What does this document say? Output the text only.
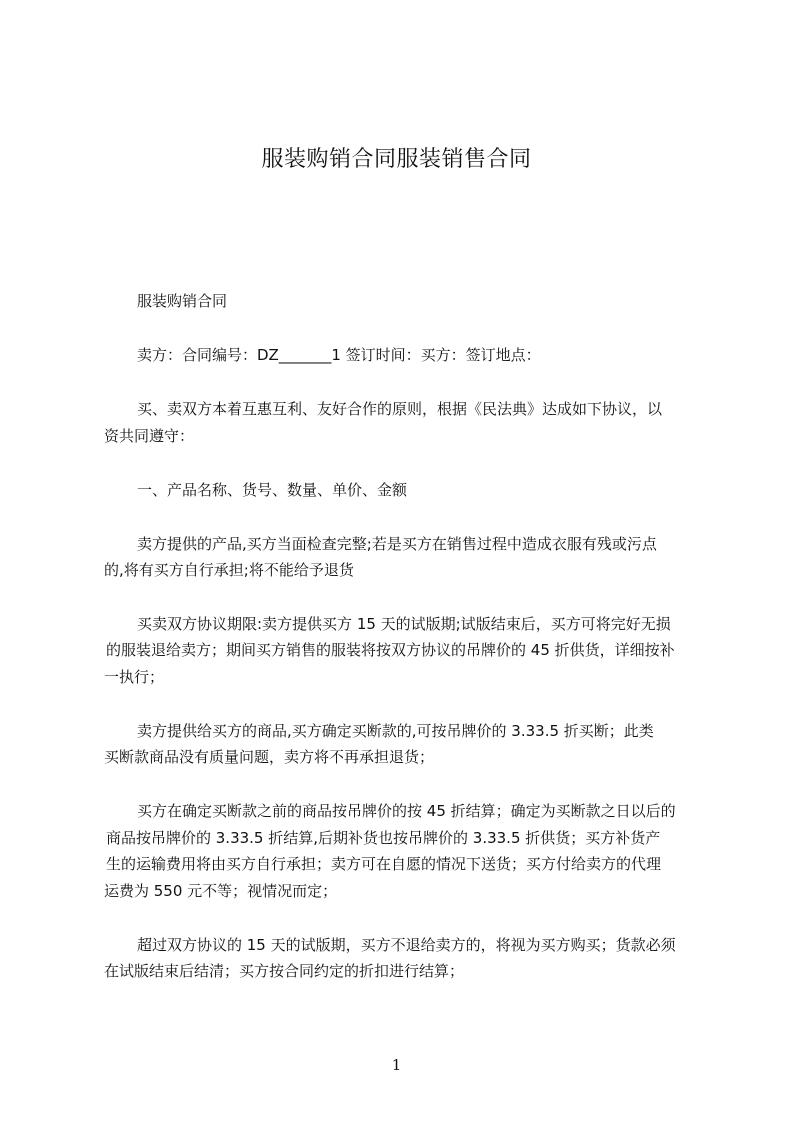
服装购销合同服装销售合同
服装购销合同
卖方：合同编号：DZ_______1 签订时间：买方：签订地点：
买、卖双方本着互惠互利、友好合作的原则，根据《民法典》达成如下协议，以
资共同遵守：
一、产品名称、货号、数量、单价、金额
卖方提供的产品,买方当面检查完整;若是买方在销售过程中造成衣服有残或污点
的,将有买方自行承担;将不能给予退货
买卖双方协议期限:卖方提供买方 15 天的试版期;试版结束后，买方可将完好无损
的服装退给卖方；期间买方销售的服装将按双方协议的吊牌价的 45 折供货，详细按补
一执行；
卖方提供给买方的商品,买方确定买断款的,可按吊牌价的 3.33.5 折买断；此类
买断款商品没有质量问题，卖方将不再承担退货；
买方在确定买断款之前的商品按吊牌价的按 45 折结算；确定为买断款之日以后的
商品按吊牌价的 3.33.5 折结算,后期补货也按吊牌价的 3.33.5 折供货；买方补货产
生的运输费用将由买方自行承担；卖方可在自愿的情况下送货；买方付给卖方的代理
运费为 550 元不等；视情况而定；
超过双方协议的 15 天的试版期，买方不退给卖方的，将视为买方购买；货款必须
在试版结束后结清；买方按合同约定的折扣进行结算；
1
